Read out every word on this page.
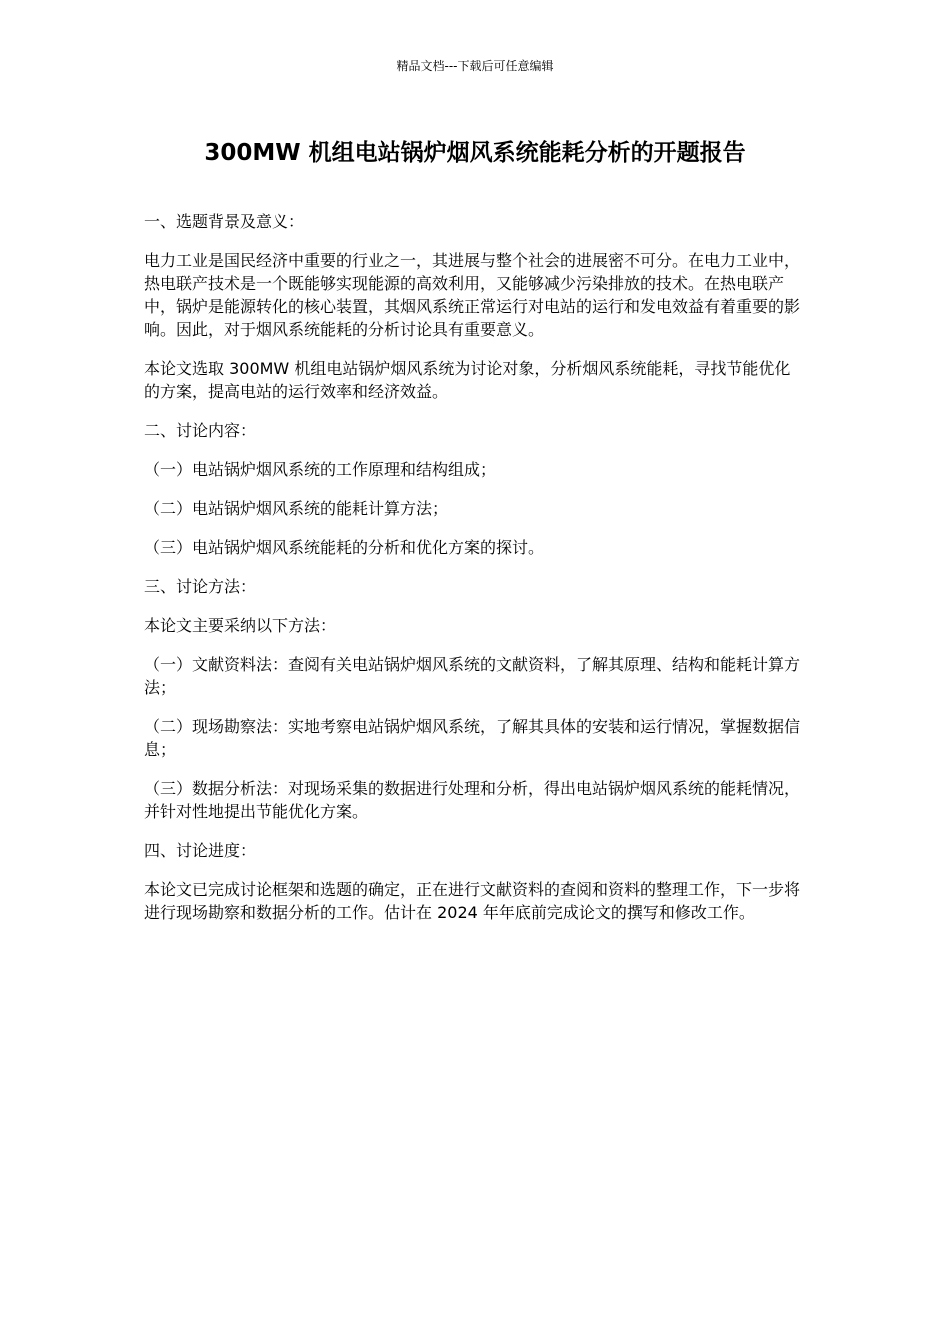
精品文档---下载后可任意编辑
300MW 机组电站锅炉烟风系统能耗分析的开题报告

一、选题背景及意义：

电力工业是国民经济中重要的行业之一，其进展与整个社会的进展密不可分。在电力工业中，热电联产技术是一个既能够实现能源的高效利用，又能够减少污染排放的技术。在热电联产中，锅炉是能源转化的核心装置，其烟风系统正常运行对电站的运行和发电效益有着重要的影响。因此，对于烟风系统能耗的分析讨论具有重要意义。

本论文选取 300MW 机组电站锅炉烟风系统为讨论对象，分析烟风系统能耗，寻找节能优化的方案，提高电站的运行效率和经济效益。

二、讨论内容：

（一）电站锅炉烟风系统的工作原理和结构组成；

（二）电站锅炉烟风系统的能耗计算方法；

（三）电站锅炉烟风系统能耗的分析和优化方案的探讨。

三、讨论方法：

本论文主要采纳以下方法：

（一）文献资料法：查阅有关电站锅炉烟风系统的文献资料，了解其原理、结构和能耗计算方法；

（二）现场勘察法：实地考察电站锅炉烟风系统，了解其具体的安装和运行情况，掌握数据信息；

（三）数据分析法：对现场采集的数据进行处理和分析，得出电站锅炉烟风系统的能耗情况，并针对性地提出节能优化方案。

四、讨论进度：

本论文已完成讨论框架和选题的确定，正在进行文献资料的查阅和资料的整理工作，下一步将进行现场勘察和数据分析的工作。估计在 2024 年年底前完成论文的撰写和修改工作。
